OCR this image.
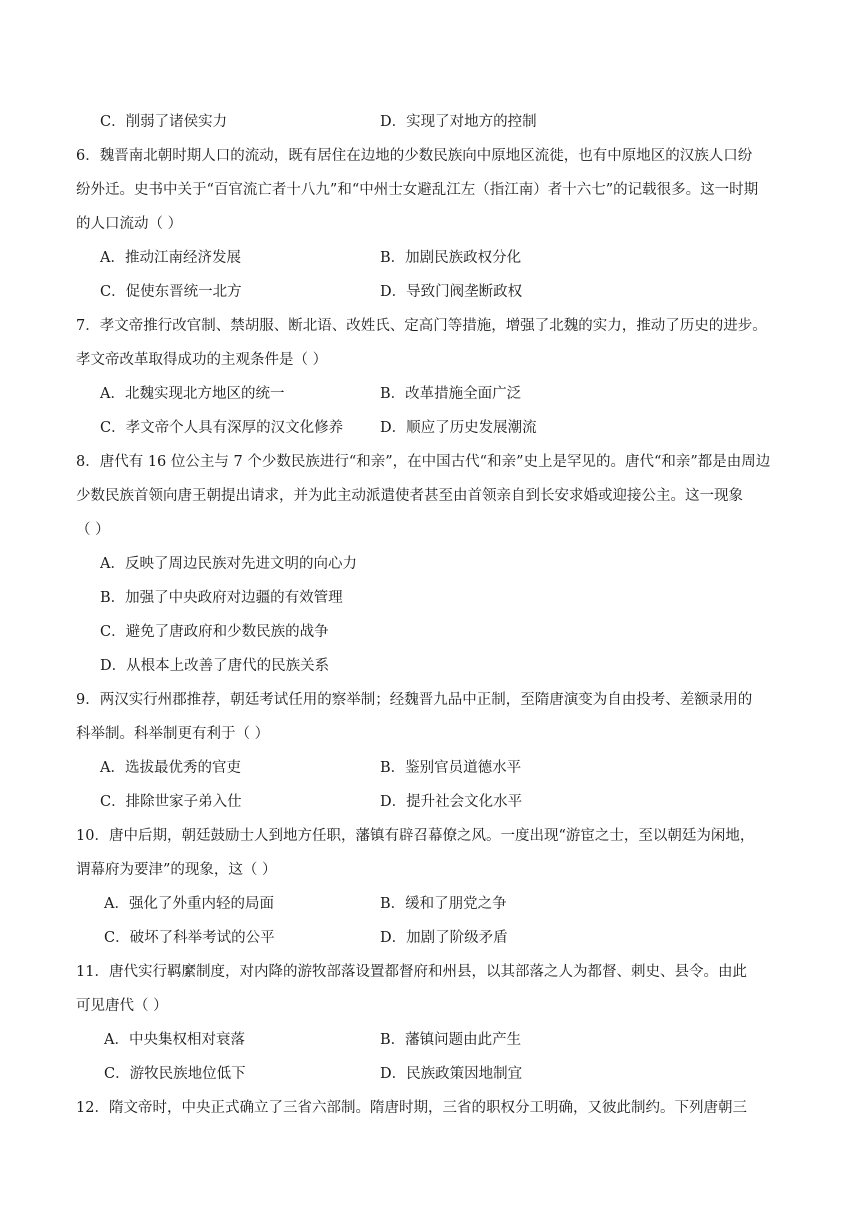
C．削弱了诸侯实力	D．实现了对地方的控制
6．魏晋南北朝时期人口的流动，既有居住在边地的少数民族向中原地区流徙，也有中原地区的汉族人口纷
纷外迁。史书中关于“百官流亡者十八九”和“中州士女避乱江左（指江南）者十六七”的记载很多。这一时期
的人口流动（ ）
A．推动江南经济发展	B．加剧民族政权分化
C．促使东晋统一北方	D．导致门阀垄断政权
7．孝文帝推行改官制、禁胡服、断北语、改姓氏、定高门等措施，增强了北魏的实力，推动了历史的进步。
孝文帝改革取得成功的主观条件是（ ）
A．北魏实现北方地区的统一	B．改革措施全面广泛
C．孝文帝个人具有深厚的汉文化修养	D．顺应了历史发展潮流
8．唐代有 16 位公主与 7 个少数民族进行“和亲”，在中国古代“和亲”史上是罕见的。唐代“和亲”都是由周边
少数民族首领向唐王朝提出请求，并为此主动派遣使者甚至由首领亲自到长安求婚或迎接公主。这一现象
（ ）
A．反映了周边民族对先进文明的向心力
B．加强了中央政府对边疆的有效管理
C．避免了唐政府和少数民族的战争
D．从根本上改善了唐代的民族关系
9．两汉实行州郡推荐，朝廷考试任用的察举制；经魏晋九品中正制，至隋唐演变为自由投考、差额录用的
科举制。科举制更有利于（ ）
A．选拔最优秀的官吏	B．鉴别官员道德水平
C．排除世家子弟入仕	D．提升社会文化水平
10．唐中后期，朝廷鼓励士人到地方任职，藩镇有辟召幕僚之风。一度出现“游宦之士，至以朝廷为闲地，
谓幕府为要津”的现象，这（ ）
A．强化了外重内轻的局面	B．缓和了朋党之争
C．破坏了科举考试的公平	D．加剧了阶级矛盾
11．唐代实行羁縻制度，对内降的游牧部落设置都督府和州县，以其部落之人为都督、刺史、县令。由此
可见唐代（ ）
A．中央集权相对衰落	B．藩镇问题由此产生
C．游牧民族地位低下	D．民族政策因地制宜
12．隋文帝时，中央正式确立了三省六部制。隋唐时期，三省的职权分工明确，又彼此制约。下列唐朝三
